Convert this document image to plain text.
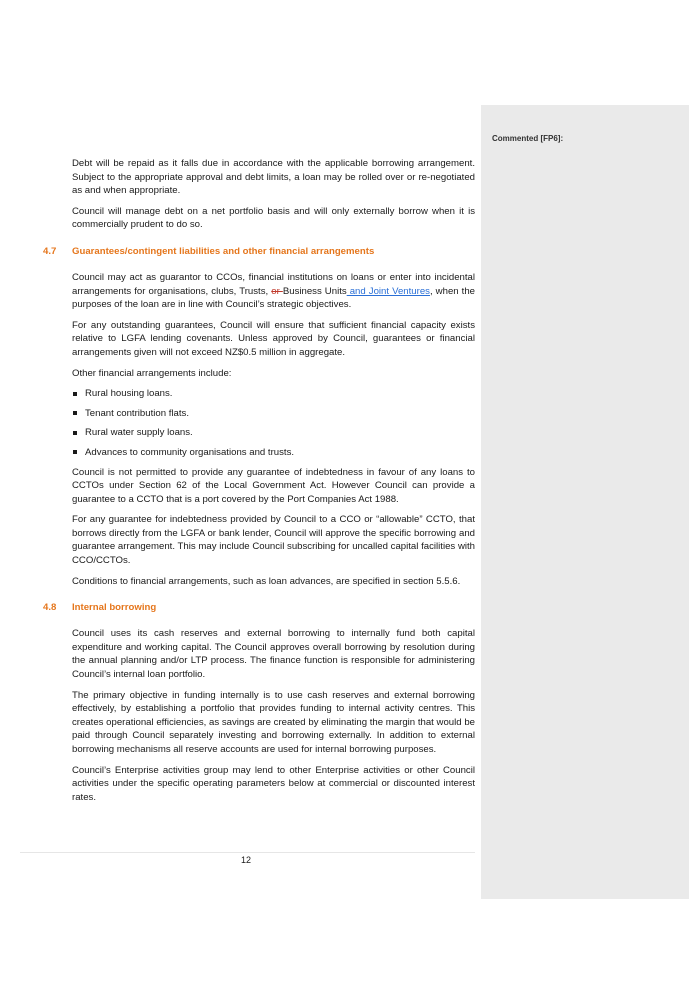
Commented [FP6]:

Debt will be repaid as it falls due in accordance with the applicable borrowing arrangement. Subject to the appropriate approval and debt limits, a loan may be rolled over or re-negotiated as and when appropriate.

Council will manage debt on a net portfolio basis and will only externally borrow when it is commercially prudent to do so.

4.7 Guarantees/contingent liabilities and other financial arrangements

Council may act as guarantor to CCOs, financial institutions on loans or enter into incidental arrangements for organisations, clubs, Trusts, or Business Units and Joint Ventures, when the purposes of the loan are in line with Council’s strategic objectives.

For any outstanding guarantees, Council will ensure that sufficient financial capacity exists relative to LGFA lending covenants. Unless approved by Council, guarantees or financial arrangements given will not exceed NZ$0.5 million in aggregate.

Other financial arrangements include:

Rural housing loans.
Tenant contribution flats.
Rural water supply loans.
Advances to community organisations and trusts.

Council is not permitted to provide any guarantee of indebtedness in favour of any loans to CCTOs under Section 62 of the Local Government Act. However Council can provide a guarantee to a CCTO that is a port covered by the Port Companies Act 1988.

For any guarantee for indebtedness provided by Council to a CCO or “allowable” CCTO, that borrows directly from the LGFA or bank lender, Council will approve the specific borrowing and guarantee arrangement. This may include Council subscribing for uncalled capital facilities with CCO/CCTOs.

Conditions to financial arrangements, such as loan advances, are specified in section 5.5.6.

4.8 Internal borrowing

Council uses its cash reserves and external borrowing to internally fund both capital expenditure and working capital. The Council approves overall borrowing by resolution during the annual planning and/or LTP process. The finance function is responsible for administering Council’s internal loan portfolio.

The primary objective in funding internally is to use cash reserves and external borrowing effectively, by establishing a portfolio that provides funding to internal activity centres. This creates operational efficiencies, as savings are created by eliminating the margin that would be paid through Council separately investing and borrowing externally. In addition to external borrowing mechanisms all reserve accounts are used for internal borrowing purposes.

Council’s Enterprise activities group may lend to other Enterprise activities or other Council activities under the specific operating parameters below at commercial or discounted interest rates.

12
